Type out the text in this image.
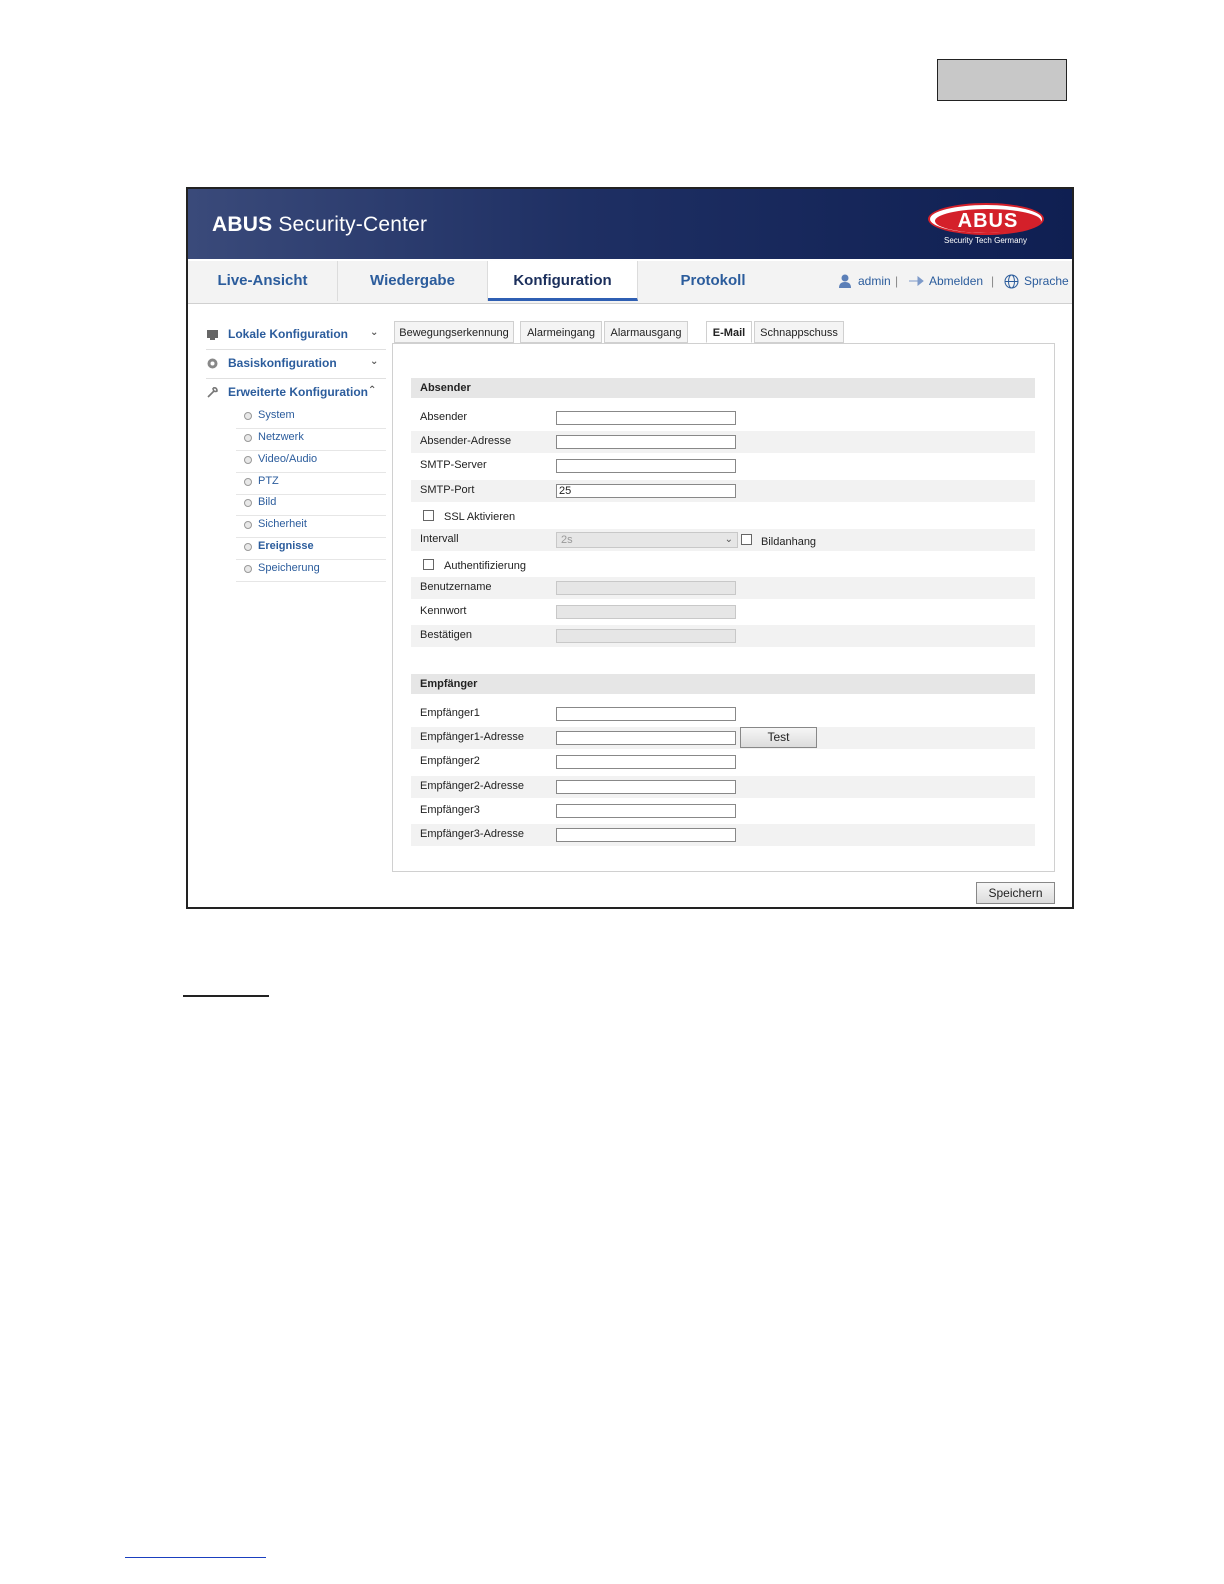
ABUS Security-Center	ABUS
Security Tech Germany
Live-Ansicht	Wiedergabe	Konfiguration	Protokoll	admin |	Abmelden | Sprache
Lokale Konfiguration ⌄
Basiskonfiguration	⌄
Erweiterte Konfiguration ⌃
System
Netzwerk
Video/Audio
PTZ
Bild
Sicherheit
Ereignisse
Speicherung
Bewegungserkennung	Alarmeingang	Alarmausgang	E-Mail	Schnappschuss
Absender
Absender
Absender-Adresse
SMTP-Server
SMTP-Port	25
SSL Aktivieren
Intervall	2s	⌄	Bildanhang
Authentifizierung
Benutzername
Kennwort
Bestätigen
Empfänger
Empfänger1
Empfänger1-Adresse	Test
Empfänger2
Empfänger2-Adresse
Empfänger3
Empfänger3-Adresse
Speichern
